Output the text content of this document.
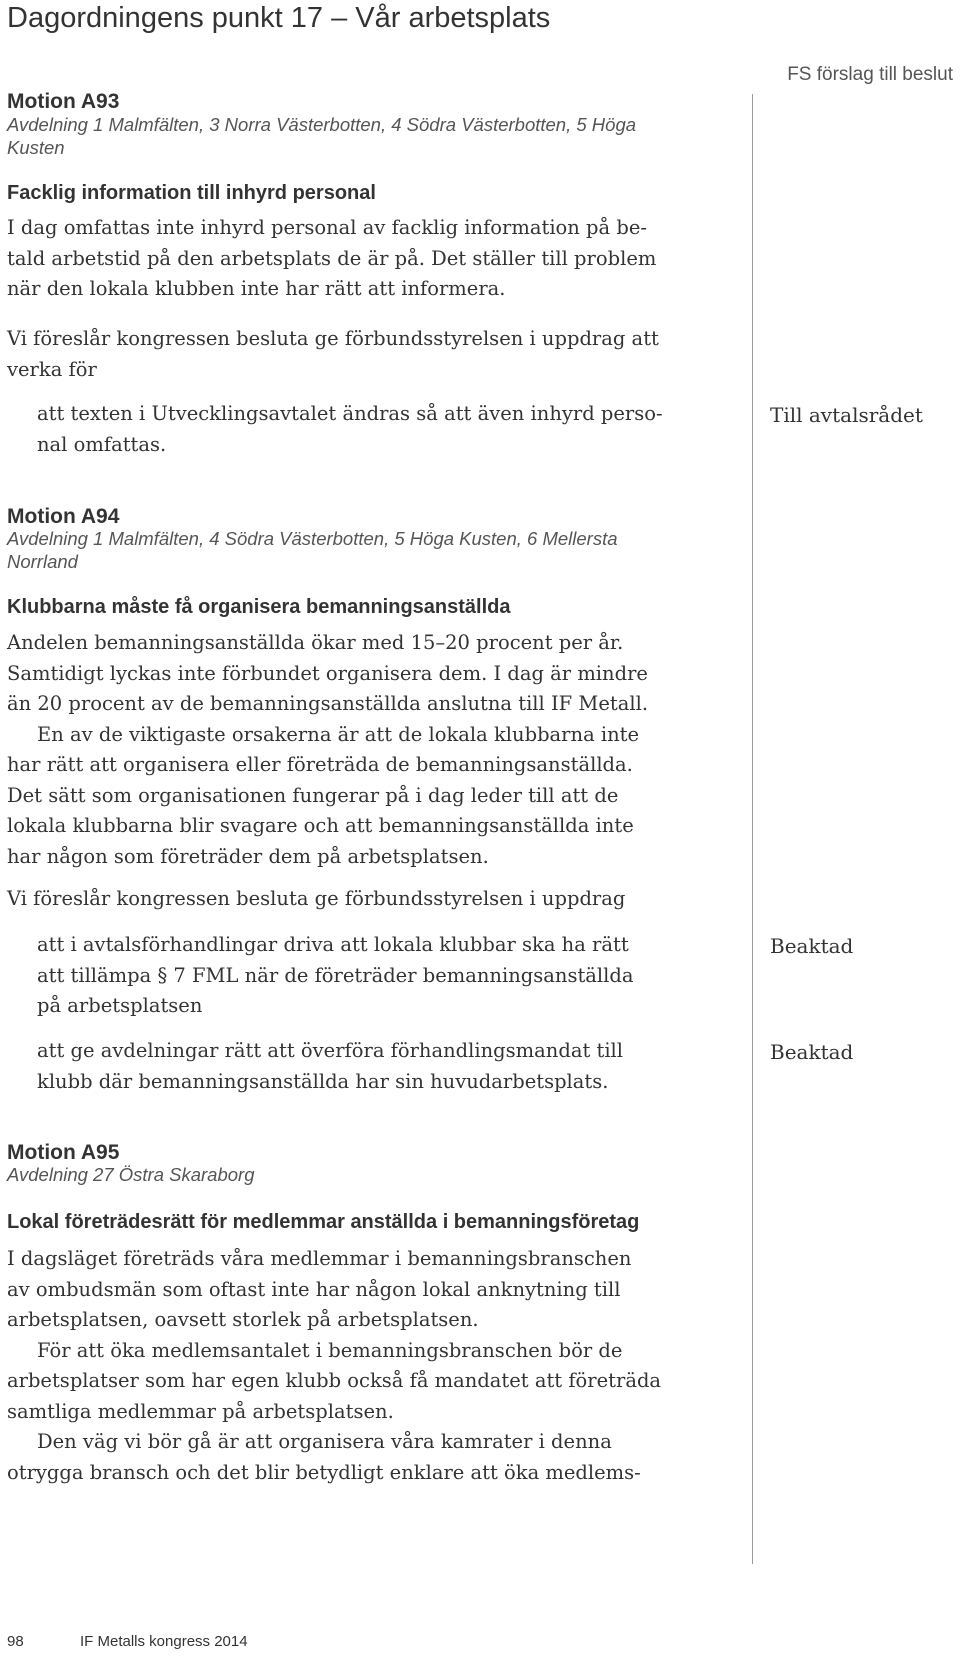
Dagordningens punkt 17 – Vår arbetsplats
FS förslag till beslut
Motion A93
Avdelning 1 Malmfälten, 3 Norra Västerbotten, 4 Södra Västerbotten, 5 Höga
Kusten
Facklig information till inhyrd personal
I dag omfattas inte inhyrd personal av facklig information på be-
tald arbetstid på den arbetsplats de är på. Det ställer till problem
när den lokala klubben inte har rätt att informera.
Vi föreslår kongressen besluta ge förbundsstyrelsen i uppdrag att
verka för
att texten i Utvecklingsavtalet ändras så att även inhyrd perso-
nal omfattas.
Till avtalsrådet
Motion A94
Avdelning 1 Malmfälten, 4 Södra Västerbotten, 5 Höga Kusten, 6 Mellersta
Norrland
Klubbarna måste få organisera bemanningsanställda
Andelen bemanningsanställda ökar med 15–20 procent per år.
Samtidigt lyckas inte förbundet organisera dem. I dag är mindre
än 20 procent av de bemanningsanställda anslutna till IF Metall.
En av de viktigaste orsakerna är att de lokala klubbarna inte
har rätt att organisera eller företräda de bemanningsanställda.
Det sätt som organisationen fungerar på i dag leder till att de
lokala klubbarna blir svagare och att bemanningsanställda inte
har någon som företräder dem på arbetsplatsen.
Vi föreslår kongressen besluta ge förbundsstyrelsen i uppdrag
att i avtalsförhandlingar driva att lokala klubbar ska ha rätt
att tillämpa § 7 FML när de företräder bemanningsanställda
på arbetsplatsen
Beaktad
att ge avdelningar rätt att överföra förhandlingsmandat till
klubb där bemanningsanställda har sin huvudarbetsplats.
Beaktad
Motion A95
Avdelning 27 Östra Skaraborg
Lokal företrädesrätt för medlemmar anställda i bemanningsföretag
I dagsläget företräds våra medlemmar i bemanningsbranschen
av ombudsmän som oftast inte har någon lokal anknytning till
arbetsplatsen, oavsett storlek på arbetsplatsen.
För att öka medlemsantalet i bemanningsbranschen bör de
arbetsplatser som har egen klubb också få mandatet att företräda
samtliga medlemmar på arbetsplatsen.
Den väg vi bör gå är att organisera våra kamrater i denna
otrygga bransch och det blir betydligt enklare att öka medlems-
98	IF Metalls kongress 2014
